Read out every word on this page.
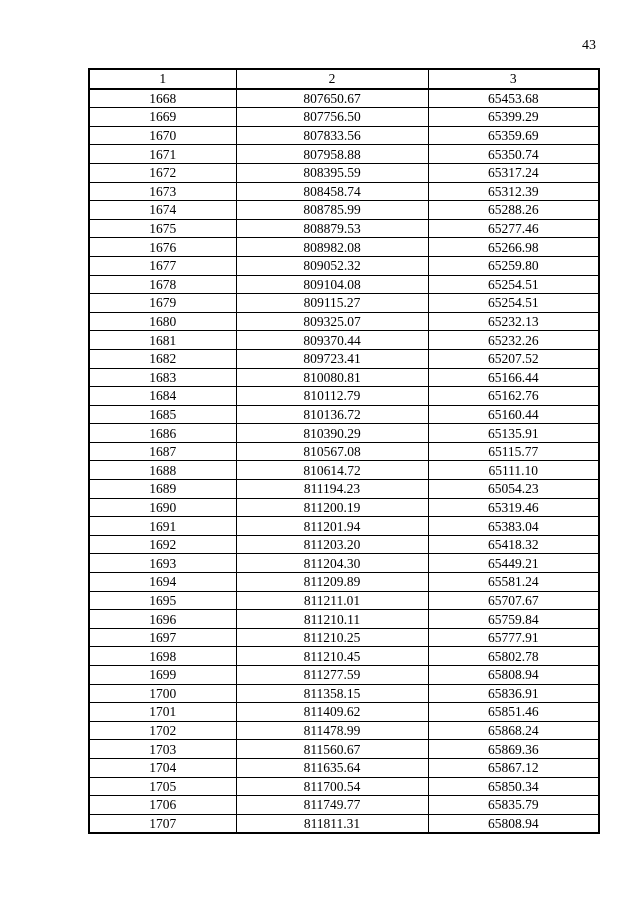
43
1	2	3
1668	807650.67	65453.68
1669	807756.50	65399.29
1670	807833.56	65359.69
1671	807958.88	65350.74
1672	808395.59	65317.24
1673	808458.74	65312.39
1674	808785.99	65288.26
1675	808879.53	65277.46
1676	808982.08	65266.98
1677	809052.32	65259.80
1678	809104.08	65254.51
1679	809115.27	65254.51
1680	809325.07	65232.13
1681	809370.44	65232.26
1682	809723.41	65207.52
1683	810080.81	65166.44
1684	810112.79	65162.76
1685	810136.72	65160.44
1686	810390.29	65135.91
1687	810567.08	65115.77
1688	810614.72	65111.10
1689	811194.23	65054.23
1690	811200.19	65319.46
1691	811201.94	65383.04
1692	811203.20	65418.32
1693	811204.30	65449.21
1694	811209.89	65581.24
1695	811211.01	65707.67
1696	811210.11	65759.84
1697	811210.25	65777.91
1698	811210.45	65802.78
1699	811277.59	65808.94
1700	811358.15	65836.91
1701	811409.62	65851.46
1702	811478.99	65868.24
1703	811560.67	65869.36
1704	811635.64	65867.12
1705	811700.54	65850.34
1706	811749.77	65835.79
1707	811811.31	65808.94
